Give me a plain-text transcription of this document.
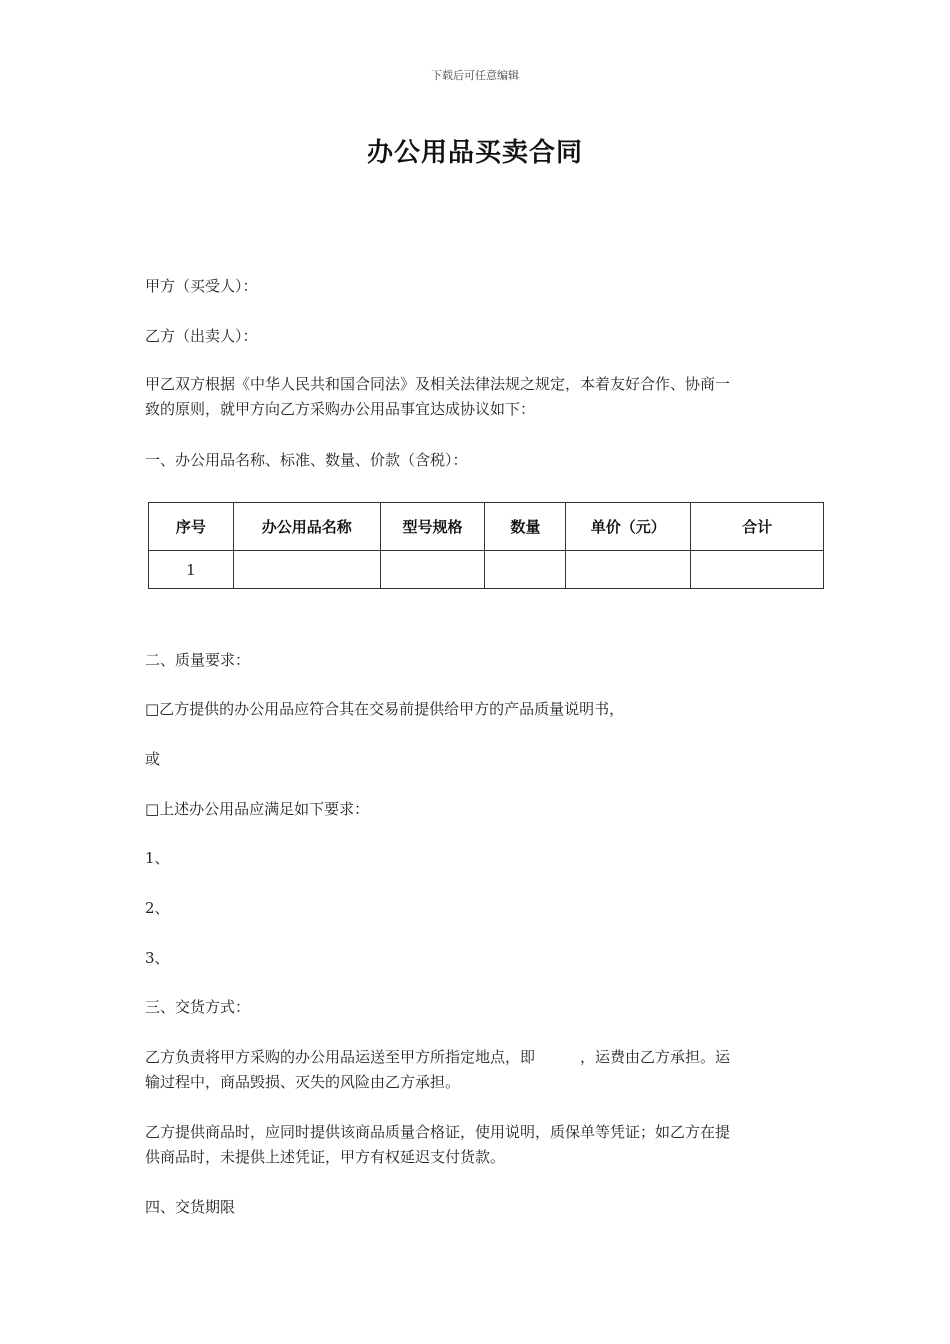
下载后可任意编辑
办公用品买卖合同
甲方（买受人）：
乙方（出卖人）：
甲乙双方根据《中华人民共和国合同法》及相关法律法规之规定，本着友好合作、协商一
致的原则，就甲方向乙方采购办公用品事宜达成协议如下：
一、办公用品名称、标准、数量、价款（含税）：
序号	办公用品名称	型号规格	数量	单价（元）	合计
1					
二、质量要求：
□乙方提供的办公用品应符合其在交易前提供给甲方的产品质量说明书，
或
□上述办公用品应满足如下要求：
1、
2、
3、
三、交货方式：
乙方负责将甲方采购的办公用品运送至甲方所指定地点，即　　　，运费由乙方承担。运
输过程中，商品毁损、灭失的风险由乙方承担。
乙方提供商品时，应同时提供该商品质量合格证，使用说明，质保单等凭证；如乙方在提
供商品时，未提供上述凭证，甲方有权延迟支付货款。
四、交货期限
